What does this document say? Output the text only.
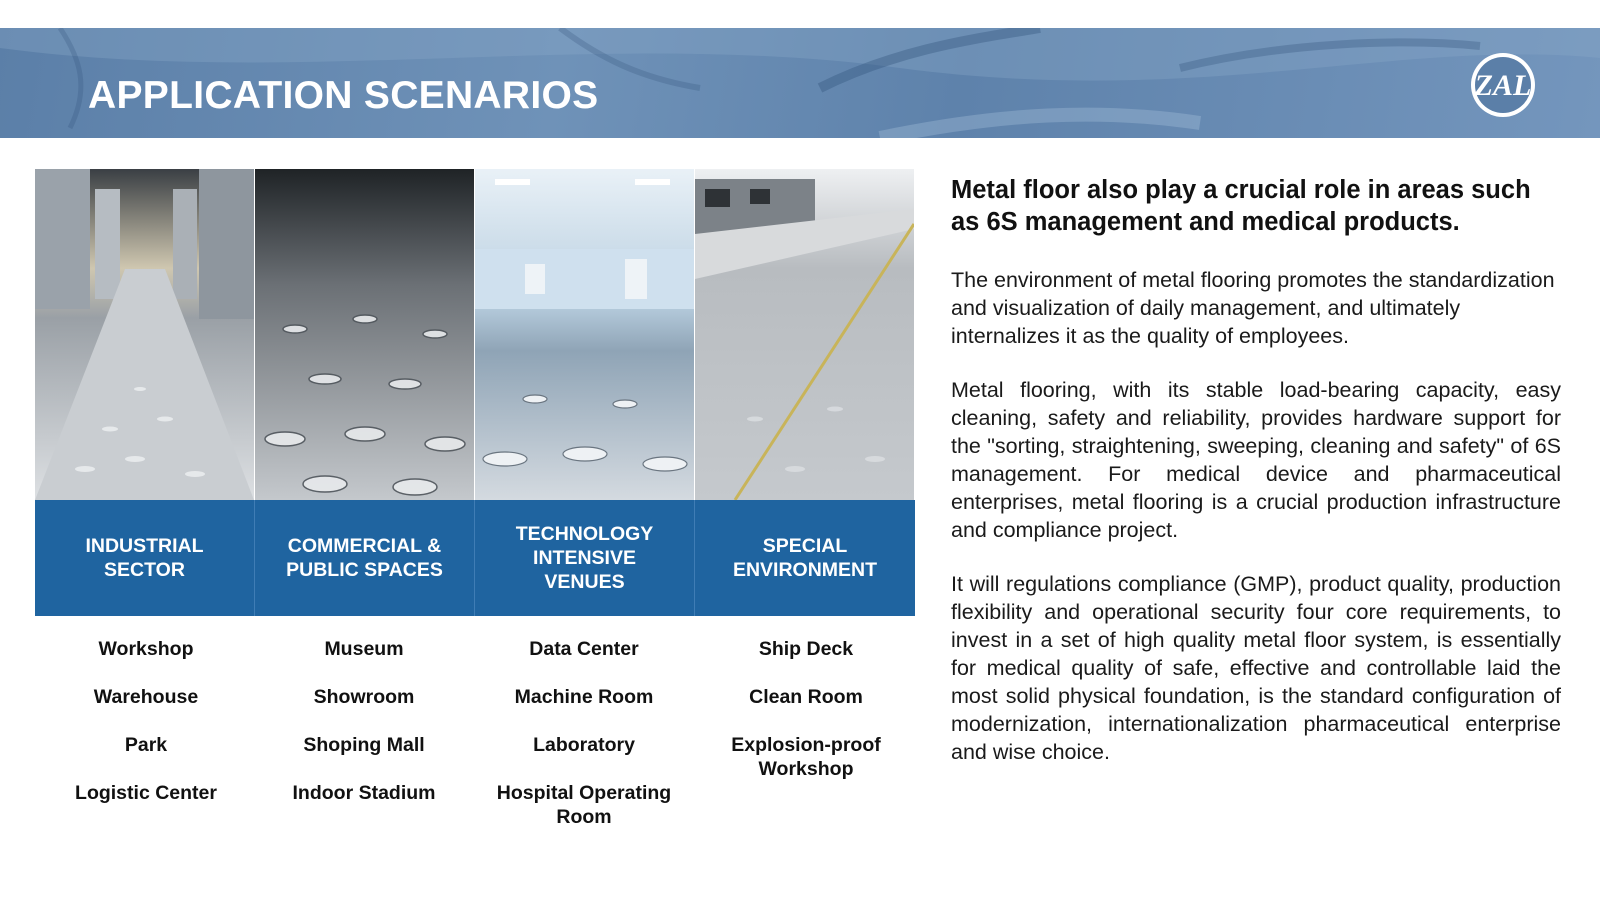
APPLICATION SCENARIOS	ZAL
INDUSTRIAL
SECTOR
COMMERCIAL &
PUBLIC SPACES
TECHNOLOGY
INTENSIVE
VENUES
SPECIAL
ENVIRONMENT
Workshop
Warehouse
Park
Logistic Center
Museum
Showroom
Shoping Mall
Indoor Stadium
Data Center
Machine Room
Laboratory
Hospital Operating
Room
Ship Deck
Clean Room
Explosion-proof
Workshop
Metal floor also play a crucial role in areas such as 6S management and medical products.

The environment of metal flooring promotes the standardization and visualization of daily management, and ultimately internalizes it as the quality of employees.

Metal flooring, with its stable load-bearing capacity, easy cleaning, safety and reliability, provides hardware support for the "sorting, straightening, sweeping, cleaning and safety" of 6S management. For medical device and pharmaceutical enterprises, metal flooring is a crucial production infrastructure and compliance project.

It will regulations compliance (GMP), product quality, production flexibility and operational security four core requirements, to invest in a set of high quality metal floor system, is essentially for medical quality of safe, effective and controllable laid the most solid physical foundation, is the standard configuration of modernization, internationalization pharmaceutical enterprise and wise choice.
